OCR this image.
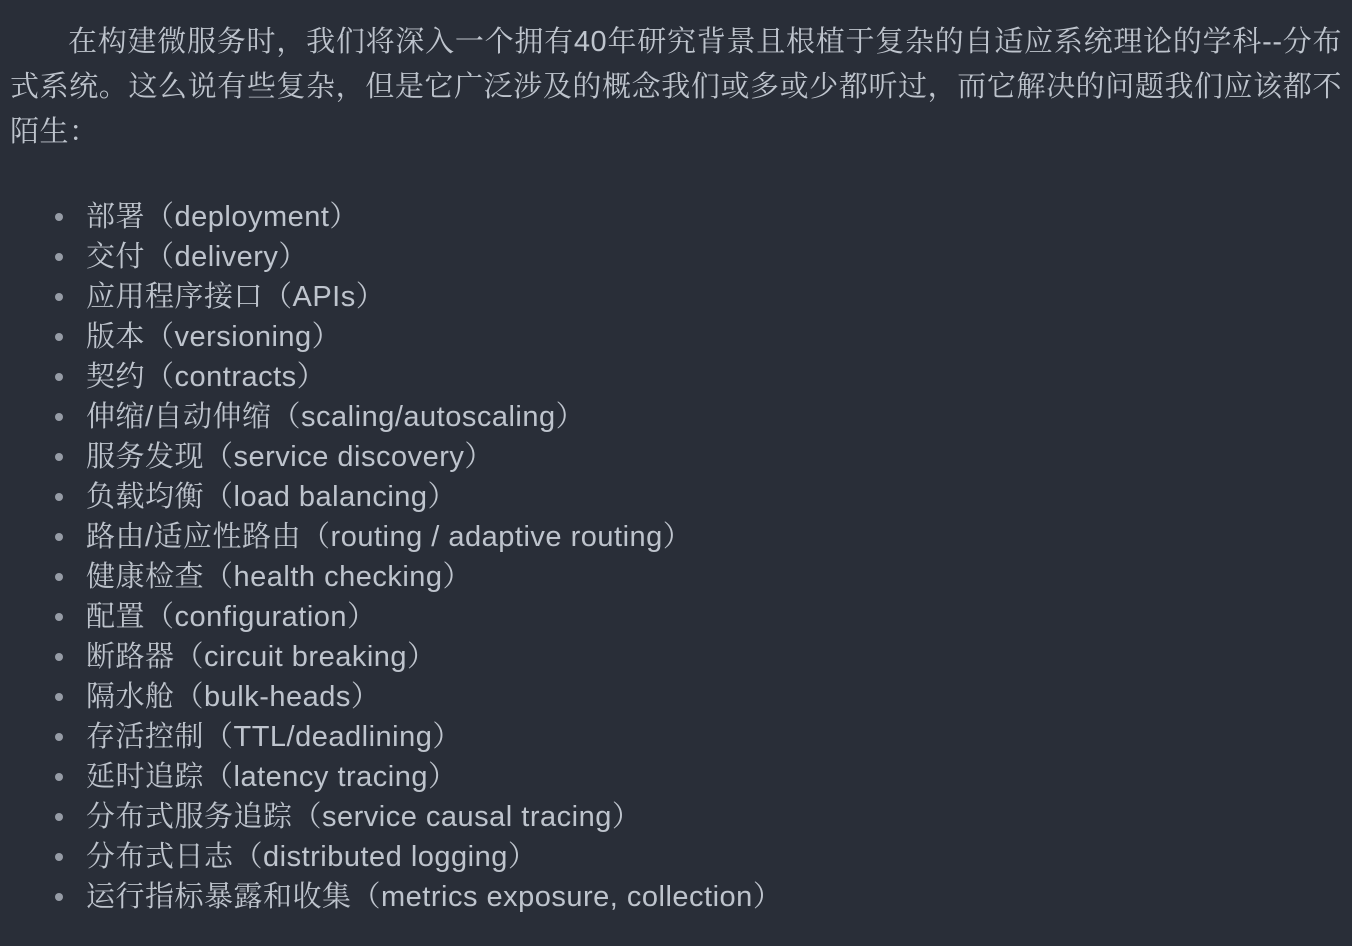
在构建微服务时，我们将深入一个拥有40年研究背景且根植于复杂的自适应系统理论的学科--分布式系统。这么说有些复杂，但是它广泛涉及的概念我们或多或少都听过，而它解决的问题我们应该都不陌生：

部署（deployment）
交付（delivery）
应用程序接口（APIs）
版本（versioning）
契约（contracts）
伸缩/自动伸缩（scaling/autoscaling）
服务发现（service discovery）
负载均衡（load balancing）
路由/适应性路由（routing / adaptive routing）
健康检查（health checking）
配置（configuration）
断路器（circuit breaking）
隔水舱（bulk-heads）
存活控制（TTL/deadlining）
延时追踪（latency tracing）
分布式服务追踪（service causal tracing）
分布式日志（distributed logging）
运行指标暴露和收集（metrics exposure, collection）
